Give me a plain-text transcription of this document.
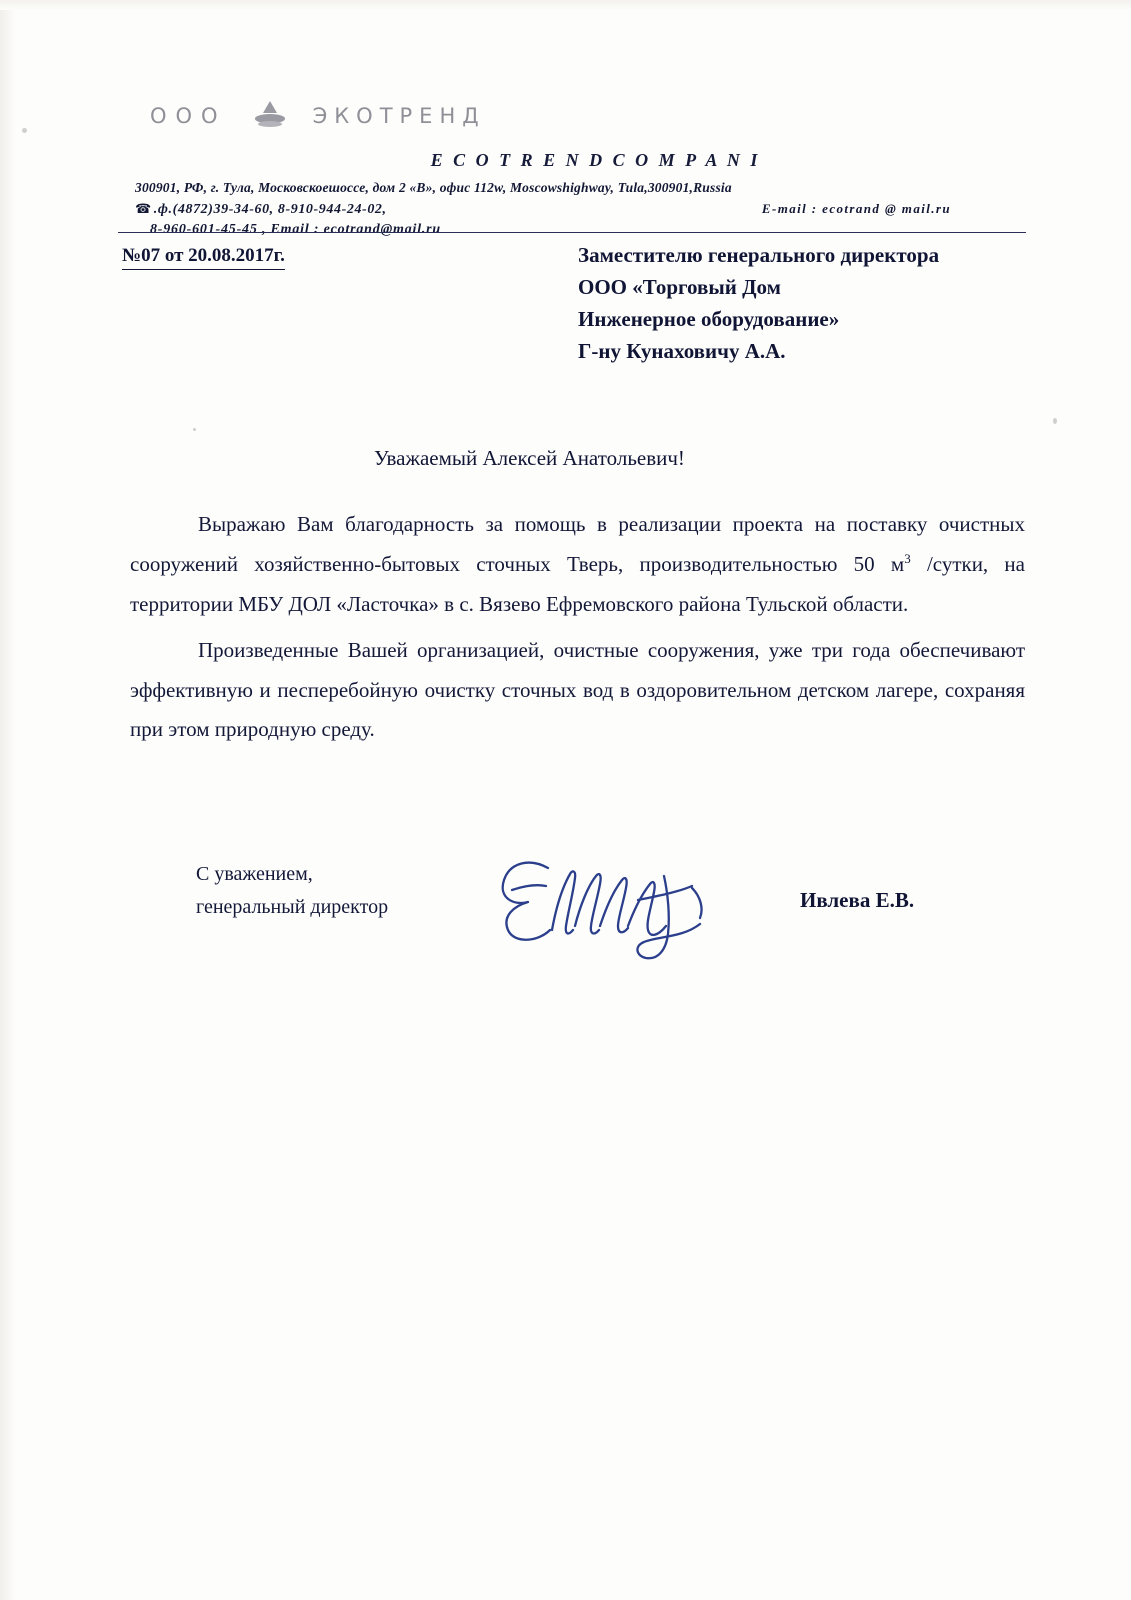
ООО	ЭКОТРЕНД
E C O T R E N D C O M P A N I
300901, РФ, г. Тула, Московскоешоссе, дом 2 «В», офис 112w, Moscowshighway, Tula,300901,Russia
☎ .ф.(4872)39-34-60, 8-910-944-24-02,	E-mail : ecotrand @ mail.ru
8-960-601-45-45 , Email : ecotrand@mail.ru
№07 от 20.08.2017г.	Заместителю генерального директора
ООО «Торговый Дом
Инженерное оборудование»
Г-ну Кунаховичу А.А.
Уважаемый Алексей Анатольевич!

Выражаю Вам благодарность за помощь в реализации проекта на поставку очистных сооружений хозяйственно-бытовых сточных Тверь, производительностью 50 $м^3$ /сутки, на территории МБУ ДОЛ «Ласточка» в с. Вязево Ефремовского района Тульской области.

Произведенные Вашей организацией, очистные сооружения, уже три года обеспечивают эффективную и песперебойную очистку сточных вод в оздоровительном детском лагере, сохраняя при этом природную среду.

С уважением,
генеральный директор	Ивлева Е.В.
